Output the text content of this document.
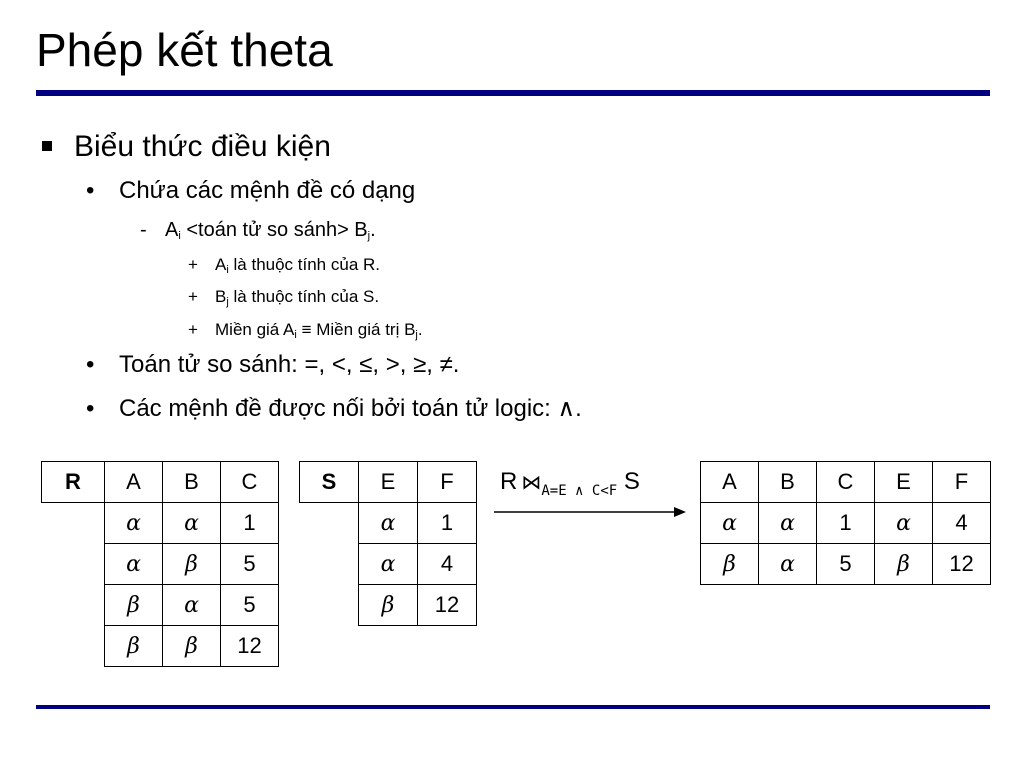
Phép kết theta
Biểu thức điều kiện
• Chứa các mệnh đề có dạng
- $A_i$ <toán tử so sánh> $B_j$.
+ $A_i$ là thuộc tính của R.
+ $B_j$ là thuộc tính của S.
+ Miền giá $A_i$ ≡ Miền giá trị $B_j$.
• Toán tử so sánh: =, <, ≤, >, ≥, ≠.
• Các mệnh đề được nối bởi toán tử logic: ∧.
R	A	B	C
	α	α	1
	α	β	5
	β	α	5
	β	β	12
S	E	F
	α	1
	α	4
	β	12
R $⋈_{A=E \wedge C<F}$ S	A	B	C	E	F
α	α	1	α	4
β	α	5	β	12
